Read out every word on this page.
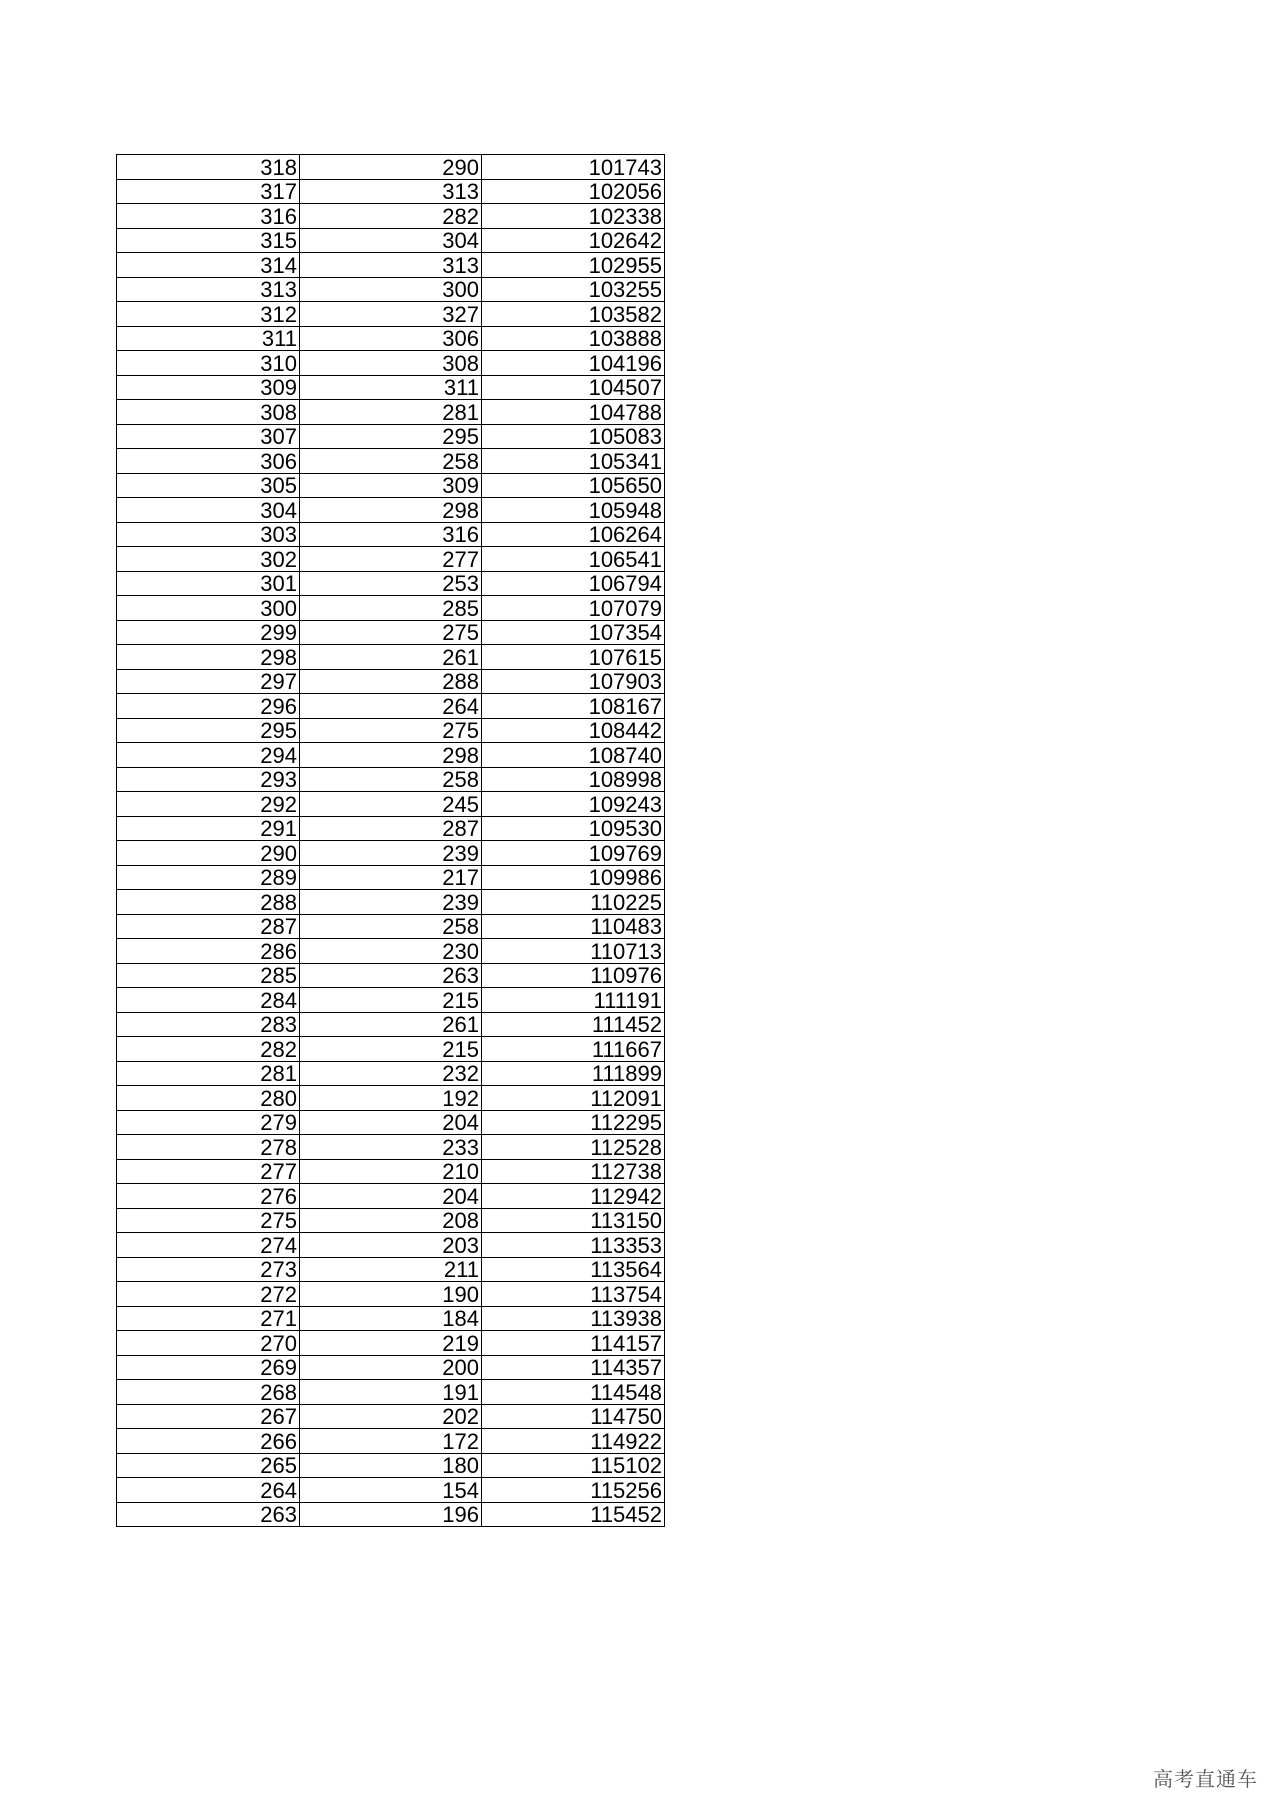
318	290	101743
317	313	102056
316	282	102338
315	304	102642
314	313	102955
313	300	103255
312	327	103582
311	306	103888
310	308	104196
309	311	104507
308	281	104788
307	295	105083
306	258	105341
305	309	105650
304	298	105948
303	316	106264
302	277	106541
301	253	106794
300	285	107079
299	275	107354
298	261	107615
297	288	107903
296	264	108167
295	275	108442
294	298	108740
293	258	108998
292	245	109243
291	287	109530
290	239	109769
289	217	109986
288	239	110225
287	258	110483
286	230	110713
285	263	110976
284	215	111191
283	261	111452
282	215	111667
281	232	111899
280	192	112091
279	204	112295
278	233	112528
277	210	112738
276	204	112942
275	208	113150
274	203	113353
273	211	113564
272	190	113754
271	184	113938
270	219	114157
269	200	114357
268	191	114548
267	202	114750
266	172	114922
265	180	115102
264	154	115256
263	196	115452
高考直通车
